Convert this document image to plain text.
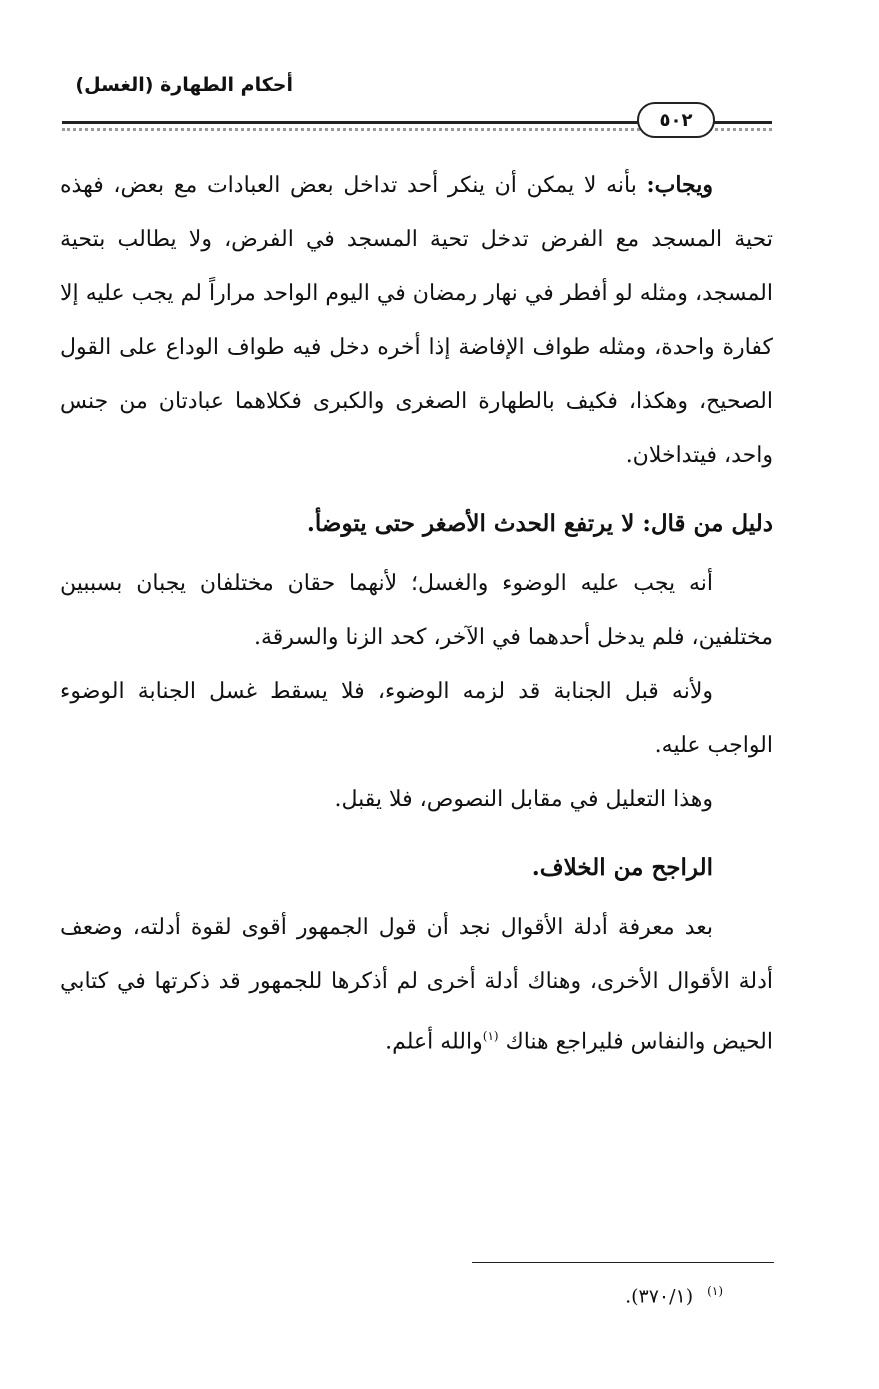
أحكام الطهارة (الغسل)
٥٠٢

ويجاب: بأنه لا يمكن أن ينكر أحد تداخل بعض العبادات مع بعض، فهذه تحية المسجد مع الفرض تدخل تحية المسجد في الفرض، ولا يطالب بتحية المسجد، ومثله لو أفطر في نهار رمضان في اليوم الواحد مراراً لم يجب عليه إلا كفارة واحدة، ومثله طواف الإفاضة إذا أخره دخل فيه طواف الوداع على القول الصحيح، وهكذا، فكيف بالطهارة الصغرى والكبرى فكلاهما عبادتان من جنس واحد، فيتداخلان.

دليل من قال: لا يرتفع الحدث الأصغر حتى يتوضأ.

أنه يجب عليه الوضوء والغسل؛ لأنهما حقان مختلفان يجبان بسببين مختلفين، فلم يدخل أحدهما في الآخر، كحد الزنا والسرقة.

ولأنه قبل الجنابة قد لزمه الوضوء، فلا يسقط غسل الجنابة الوضوء الواجب عليه.

وهذا التعليل في مقابل النصوص، فلا يقبل.

الراجح من الخلاف.

بعد معرفة أدلة الأقوال نجد أن قول الجمهور أقوى لقوة أدلته، وضعف أدلة الأقوال الأخرى، وهناك أدلة أخرى لم أذكرها للجمهور قد ذكرتها في كتابي الحيض والنفاس فليراجع هناك $^{(١)}$والله أعلم.

$^{(١)}$(٣٧٠/١).
